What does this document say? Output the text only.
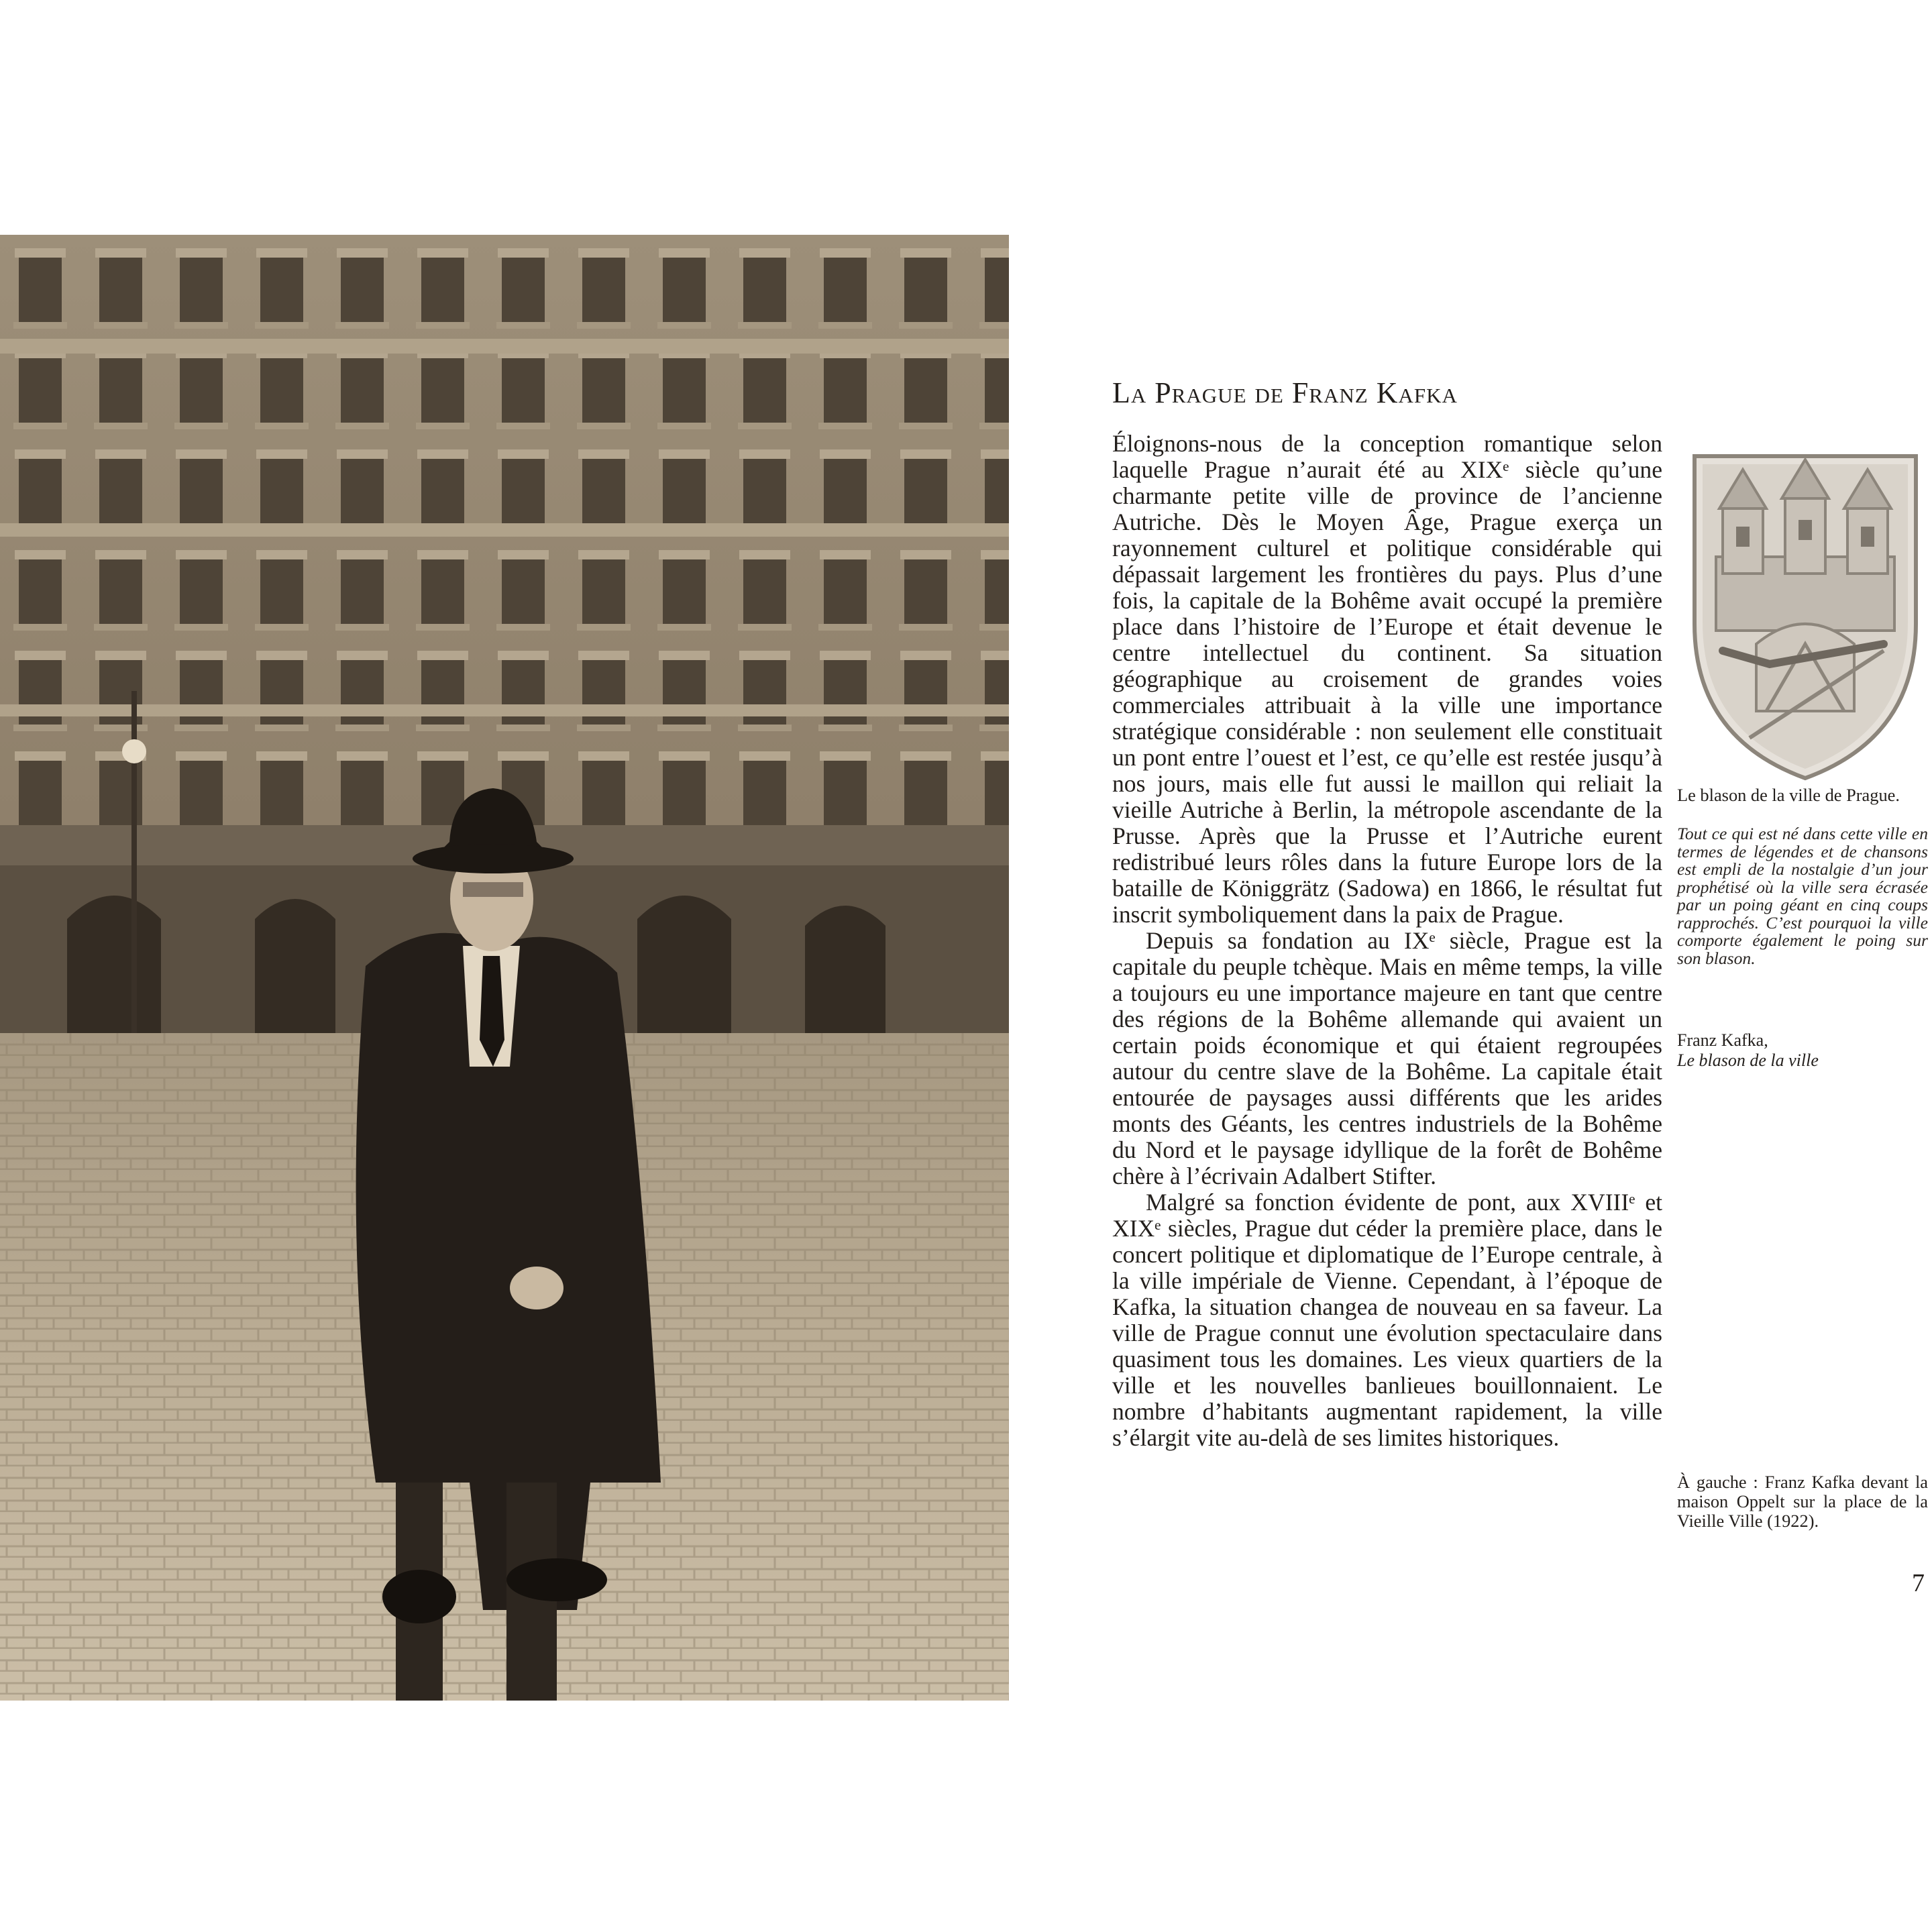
La Prague de Franz Kafka

Éloignons-nous de la conception romantique selon laquelle Prague n’aurait été au XIXᵉ siècle qu’une charmante petite ville de province de l’ancienne Autriche. Dès le Moyen Âge, Prague exerça un rayonnement culturel et politique considérable qui dépassait largement les frontières du pays. Plus d’une fois, la capitale de la Bohême avait occupé la première place dans l’histoire de l’Europe et était devenue le centre intellectuel du continent. Sa situation géographique au croisement de grandes voies commerciales attribuait à la ville une importance stratégique considérable : non seulement elle constituait un pont entre l’ouest et l’est, ce qu’elle est restée jusqu’à nos jours, mais elle fut aussi le maillon qui reliait la vieille Autriche à Berlin, la métropole ascendante de la Prusse. Après que la Prusse et l’Autriche eurent redistribué leurs rôles dans la future Europe lors de la bataille de Königgrätz (Sadowa) en 1866, le résultat fut inscrit symboliquement dans la paix de Prague.

Depuis sa fondation au IXᵉ siècle, Prague est la capitale du peuple tchèque. Mais en même temps, la ville a toujours eu une importance majeure en tant que centre des régions de la Bohême allemande qui avaient un certain poids économique et qui étaient regroupées autour du centre slave de la Bohême. La capitale était entourée de paysages aussi différents que les arides monts des Géants, les centres industriels de la Bohême du Nord et le paysage idyllique de la forêt de Bohême chère à l’écrivain Adalbert Stifter.

Malgré sa fonction évidente de pont, aux XVIIIᵉ et XIXᵉ siècles, Prague dut céder la première place, dans le concert politique et diplomatique de l’Europe centrale, à la ville impériale de Vienne. Cependant, à l’époque de Kafka, la situation changea de nouveau en sa faveur. La ville de Prague connut une évolution spectaculaire dans quasiment tous les domaines. Les vieux quartiers de la ville et les nouvelles banlieues bouillonnaient. Le nombre d’habitants augmentant rapidement, la ville s’élargit vite au-delà de ses limites historiques.

Le blason de la ville de Prague.
Tout ce qui est né dans cette ville en termes de légendes et de chansons est empli de la nostalgie d’un jour prophétisé où la ville sera écrasée par un poing géant en cinq coups rapprochés. C’est pourquoi la ville comporte également le poing sur son blason.
Franz Kafka,
Le blason de la ville
À gauche : Franz Kafka devant la maison Oppelt sur la place de la Vieille Ville (1922).
7
